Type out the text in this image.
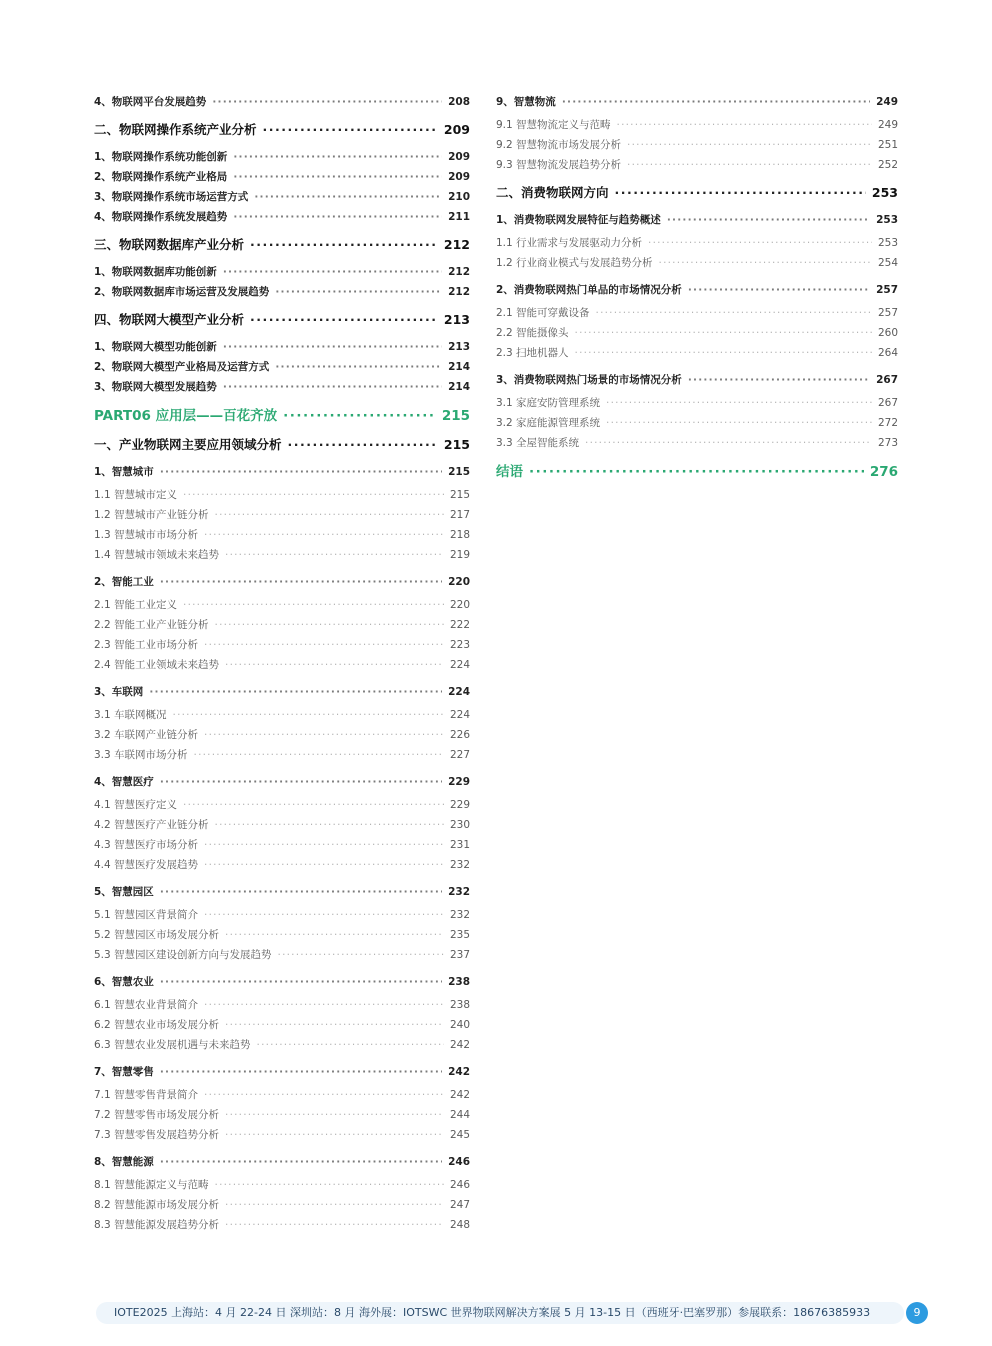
4、物联网平台发展趋势 ·····	208
二、物联网操作系统产业分析 ·····	209
1、物联网操作系统功能创新 ·····	209
2、物联网操作系统产业格局 ·····	209
3、物联网操作系统市场运营方式 ·····	210
4、物联网操作系统发展趋势 ·····	211
三、物联网数据库产业分析 ·····	212
1、物联网数据库功能创新 ·····	212
2、物联网数据库市场运营及发展趋势 ·····	212
四、物联网大模型产业分析 ·····	213
1、物联网大模型功能创新 ·····	213
2、物联网大模型产业格局及运营方式 ·····	214
3、物联网大模型发展趋势 ·····	214
PART06 应用层——百花齐放 ·····	215
一、产业物联网主要应用领域分析 ·····	215
1、智慧城市 ·····	215
1.1 智慧城市定义 ·····	215
1.2 智慧城市产业链分析 ·····	217
1.3 智慧城市市场分析 ·····	218
1.4 智慧城市领域未来趋势 ·····	219
2、智能工业 ·····	220
2.1 智能工业定义 ·····	220
2.2 智能工业产业链分析 ·····	222
2.3 智能工业市场分析 ·····	223
2.4 智能工业领域未来趋势 ·····	224
3、车联网 ·····	224
3.1 车联网概况 ·····	224
3.2 车联网产业链分析 ·····	226
3.3 车联网市场分析 ·····	227
4、智慧医疗 ·····	229
4.1 智慧医疗定义 ·····	229
4.2 智慧医疗产业链分析 ·····	230
4.3 智慧医疗市场分析 ·····	231
4.4 智慧医疗发展趋势 ·····	232
5、智慧园区 ·····	232
5.1 智慧园区背景简介 ·····	232
5.2 智慧园区市场发展分析 ·····	235
5.3 智慧园区建设创新方向与发展趋势 ·····	237
6、智慧农业 ·····	238
6.1 智慧农业背景简介 ·····	238
6.2 智慧农业市场发展分析 ·····	240
6.3 智慧农业发展机遇与未来趋势 ·····	242
7、智慧零售 ·····	242
7.1 智慧零售背景简介 ·····	242
7.2 智慧零售市场发展分析 ·····	244
7.3 智慧零售发展趋势分析 ·····	245
8、智慧能源 ·····	246
8.1 智慧能源定义与范畴 ·····	246
8.2 智慧能源市场发展分析 ·····	247
8.3 智慧能源发展趋势分析 ·····	248
9、智慧物流 ·····	249
9.1 智慧物流定义与范畴 ·····	249
9.2 智慧物流市场发展分析 ·····	251
9.3 智慧物流发展趋势分析 ·····	252
二、消费物联网方向 ·····	253
1、消费物联网发展特征与趋势概述 ·····	253
1.1 行业需求与发展驱动力分析 ·····	253
1.2 行业商业模式与发展趋势分析 ·····	254
2、消费物联网热门单品的市场情况分析 ·····	257
2.1 智能可穿戴设备 ·····	257
2.2 智能摄像头 ·····	260
2.3 扫地机器人 ·····	264
3、消费物联网热门场景的市场情况分析 ·····	267
3.1 家庭安防管理系统 ·····	267
3.2 家庭能源管理系统 ·····	272
3.3 全屋智能系统 ·····	273
结语 ·····	276
IOTE2025 上海站：4 月 22-24 日 深圳站：8 月 海外展：IOTSWC 世界物联网解决方案展 5 月 13-15 日（西班牙·巴塞罗那）参展联系：18676385933	9
